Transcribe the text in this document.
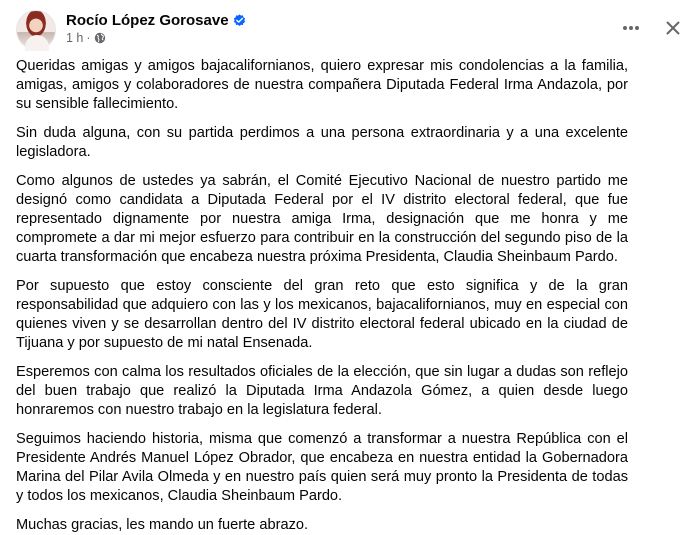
Rocío López Gorosave
1 h ·

Queridas amigas y amigos bajacalifornianos, quiero expresar mis condolencias a la familia, amigas, amigos y colaboradores de nuestra compañera Diputada Federal Irma Andazola, por su sensible fallecimiento.

Sin duda alguna, con su partida perdimos a una persona extraordinaria y a una excelente legisladora.

Como algunos de ustedes ya sabrán, el Comité Ejecutivo Nacional de nuestro partido me designó como candidata a Diputada Federal por el IV distrito electoral federal, que fue representado dignamente por nuestra amiga Irma, designación que me honra y me compromete a dar mi mejor esfuerzo para contribuir en la construcción del segundo piso de la cuarta transformación que encabeza nuestra próxima Presidenta, Claudia Sheinbaum Pardo.

Por supuesto que estoy consciente del gran reto que esto significa y de la gran responsabilidad que adquiero con las y los mexicanos, bajacalifornianos, muy en especial con quienes viven y se desarrollan dentro del IV distrito electoral federal ubicado en la ciudad de Tijuana y por supuesto de mi natal Ensenada.

Esperemos con calma los resultados oficiales de la elección, que sin lugar a dudas son reflejo del buen trabajo que realizó la Diputada Irma Andazola Gómez, a quien desde luego honraremos con nuestro trabajo en la legislatura federal.

Seguimos haciendo historia, misma que comenzó a transformar a nuestra República con el Presidente Andrés Manuel López Obrador, que encabeza en nuestra entidad la Gobernadora Marina del Pilar Avila Olmeda y en nuestro país quien será muy pronto la Presidenta de todas y todos los mexicanos, Claudia Sheinbaum Pardo.

Muchas gracias, les mando un fuerte abrazo.
